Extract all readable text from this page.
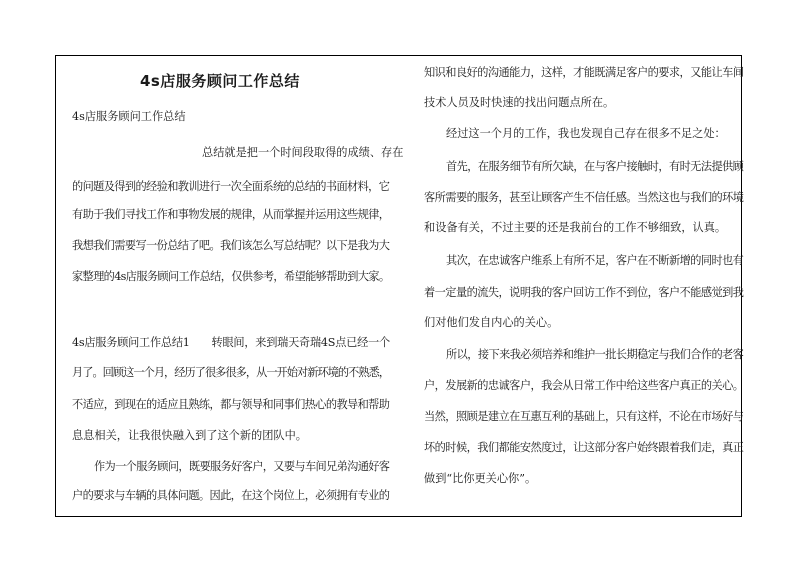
4s店服务顾问工作总结
4s店服务顾问工作总结
总结就是把一个时间段取得的成绩、存在
的问题及得到的经验和教训进行一次全面系统的总结的书面材料，它
有助于我们寻找工作和事物发展的规律，从而掌握并运用这些规律，
我想我们需要写一份总结了吧。我们该怎么写总结呢？以下是我为大
家整理的4s店服务顾问工作总结，仅供参考，希望能够帮助到大家。
4s店服务顾问工作总结1　　转眼间，来到瑞天奇瑞4S点已经一个
月了。回顾这一个月，经历了很多很多，从一开始对新环境的不熟悉，
不适应，到现在的适应且熟练，都与领导和同事们热心的教导和帮助
息息相关，让我很快融入到了这个新的团队中。
作为一个服务顾问，既要服务好客户，又要与车间兄弟沟通好客
户的要求与车辆的具体问题。因此，在这个岗位上，必须拥有专业的
知识和良好的沟通能力，这样，才能既满足客户的要求，又能让车间
技术人员及时快速的找出问题点所在。
经过这一个月的工作，我也发现自己存在很多不足之处：
首先，在服务细节有所欠缺，在与客户接触时，有时无法提供顾
客所需要的服务，甚至让顾客产生不信任感。当然这也与我们的环境
和设备有关，不过主要的还是我前台的工作不够细致，认真。
其次，在忠诚客户维系上有所不足，客户在不断新增的同时也有
着一定量的流失，说明我的客户回访工作不到位，客户不能感觉到我
们对他们发自内心的关心。
所以，接下来我必须培养和维护一批长期稳定与我们合作的老客
户，发展新的忠诚客户，我会从日常工作中给这些客户真正的关心。
当然，照顾是建立在互惠互利的基础上，只有这样，不论在市场好与
坏的时候，我们都能安然度过，让这部分客户始终跟着我们走，真正
做到“比你更关心你”。
